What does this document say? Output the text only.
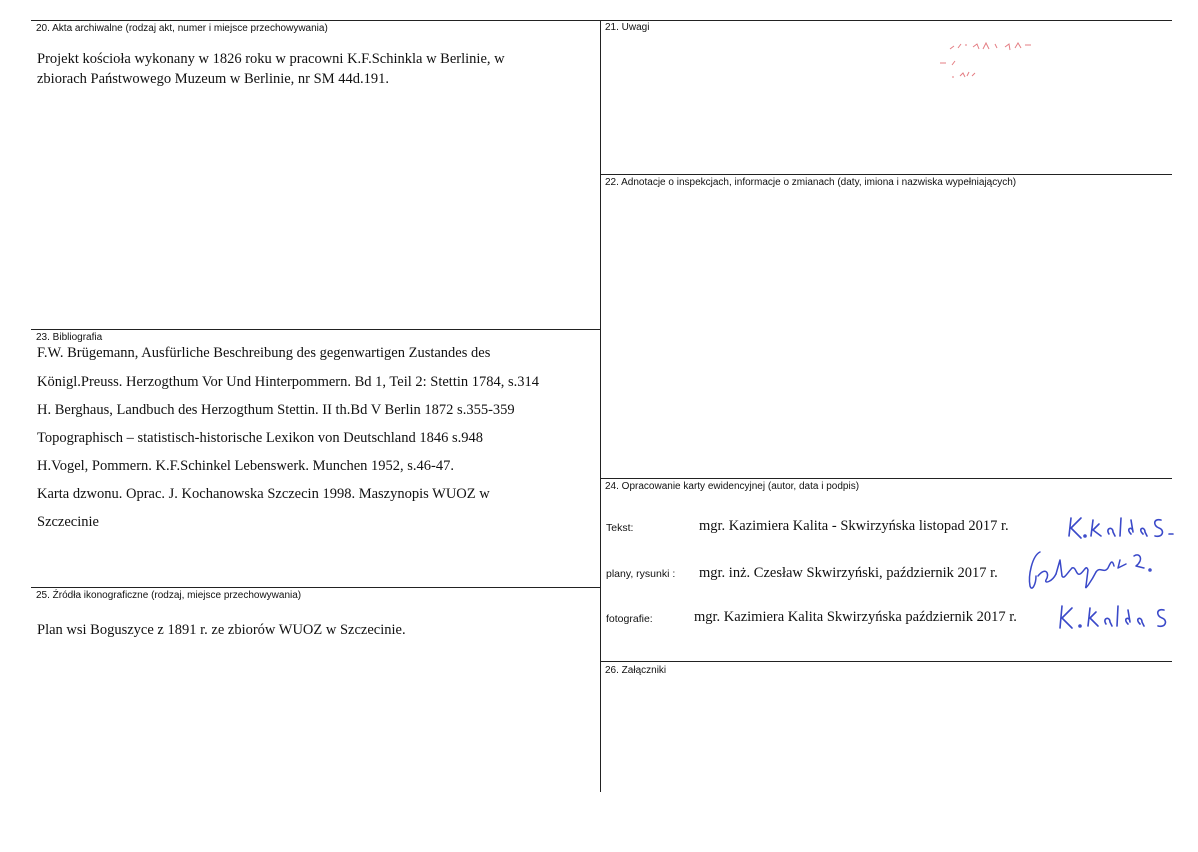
20. Akta archiwalne (rodzaj akt, numer i miejsce przechowywania)
Projekt kościoła wykonany w 1826 roku w pracowni K.F.Schinkla w Berlinie, w
zbiorach Państwowego Muzeum w Berlinie, nr SM 44d.191.
21. Uwagi
22. Adnotacje o inspekcjach, informacje o zmianach (daty, imiona i nazwiska wypełniających)
23. Bibliografia
F.W. Brügemann, Ausfürliche Beschreibung des gegenwartigen Zustandes des
Königl.Preuss. Herzogthum Vor Und Hinterpommern. Bd 1, Teil 2: Stettin 1784, s.314
H. Berghaus, Landbuch des Herzogthum Stettin. II th.Bd V Berlin 1872 s.355-359
Topographisch – statistisch-historische Lexikon von Deutschland 1846 s.948
H.Vogel, Pommern. K.F.Schinkel Lebenswerk. Munchen 1952, s.46-47.
Karta dzwonu. Oprac. J. Kochanowska Szczecin 1998. Maszynopis WUOZ w
Szczecinie
24. Opracowanie karty ewidencyjnej (autor, data i podpis)
Tekst:	mgr. Kazimiera Kalita - Skwirzyńska listopad 2017 r.
plany, rysunki : mgr. inż. Czesław Skwirzyński, październik 2017 r.
fotografie:	mgr. Kazimiera Kalita Skwirzyńska październik 2017 r.
25. Źródła ikonograficzne (rodzaj, miejsce przechowywania)
Plan wsi Boguszyce z 1891 r. ze zbiorów WUOZ w Szczecinie.
26. Załączniki
